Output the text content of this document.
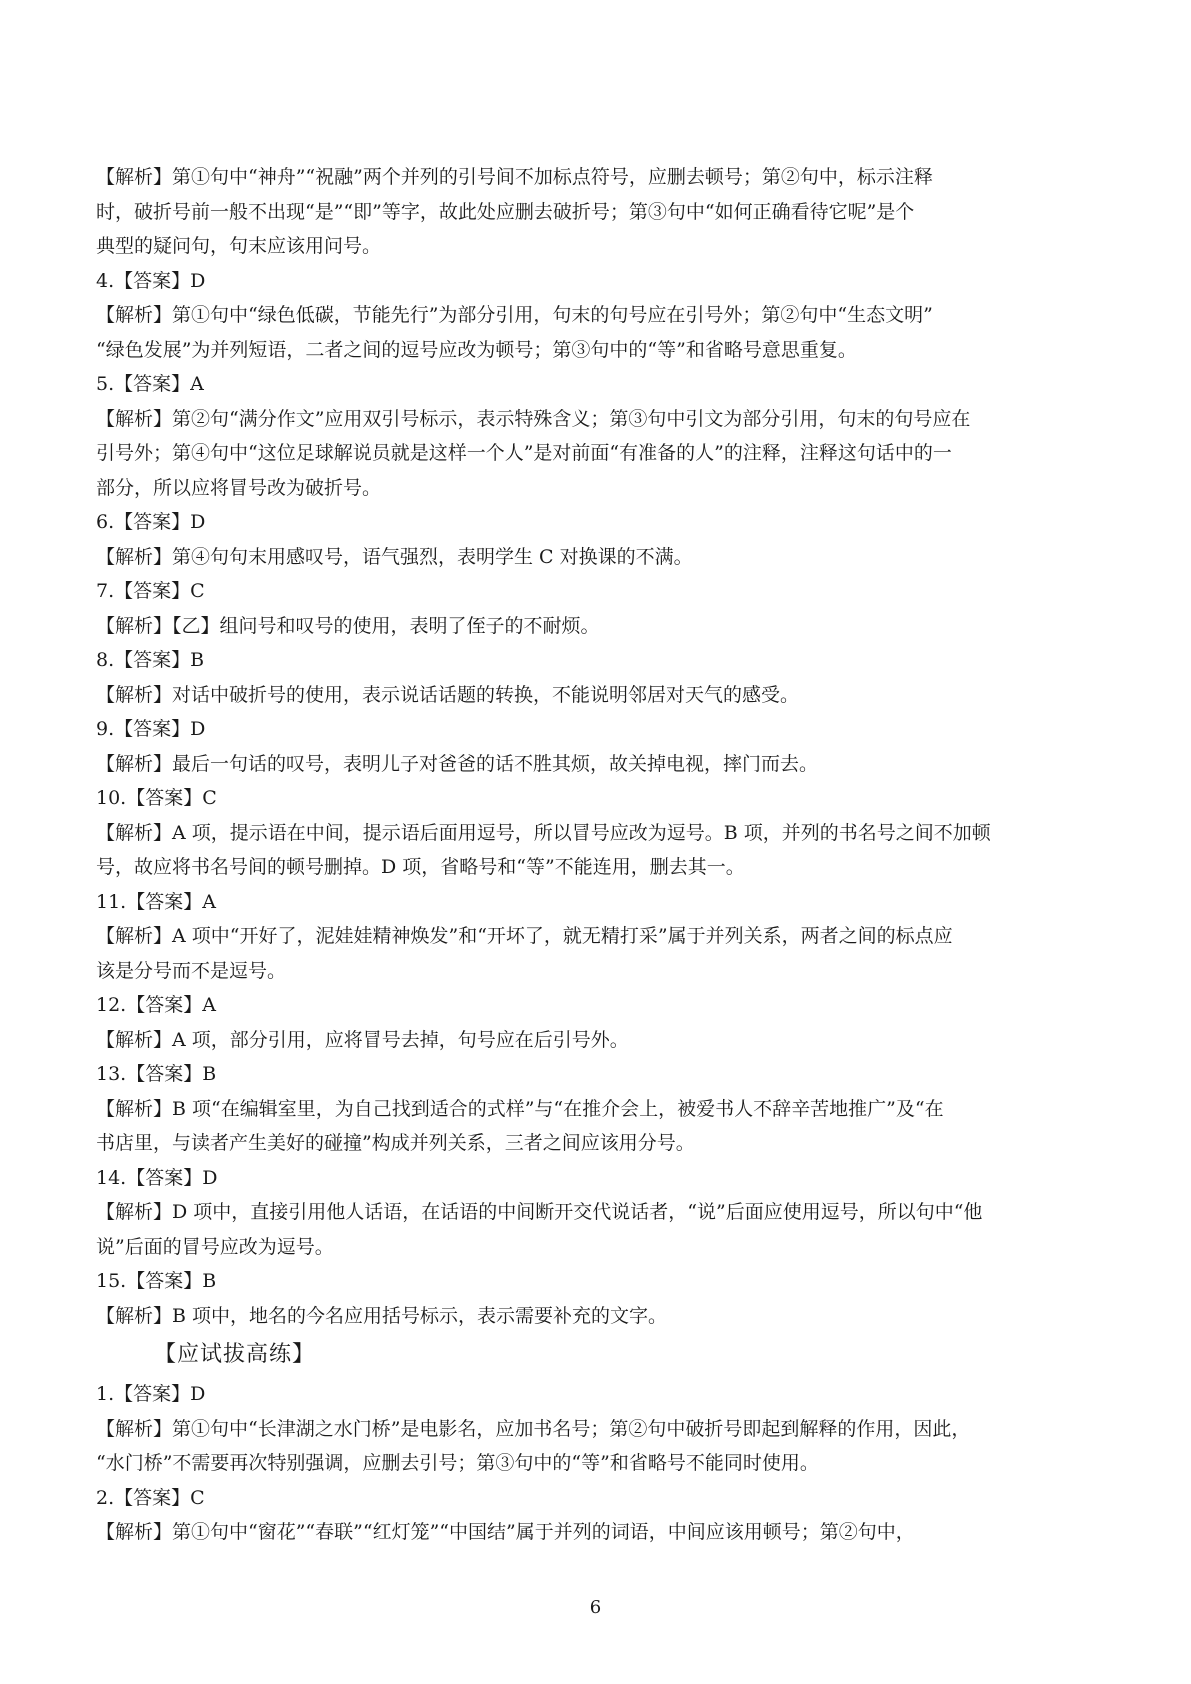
【解析】第①句中“神舟”“祝融”两个并列的引号间不加标点符号，应删去顿号；第②句中，标示注释
时，破折号前一般不出现“是”“即”等字，故此处应删去破折号；第③句中“如何正确看待它呢”是个
典型的疑问句，句末应该用问号。
4.【答案】D
【解析】第①句中“绿色低碳，节能先行”为部分引用，句末的句号应在引号外；第②句中“生态文明”
“绿色发展”为并列短语，二者之间的逗号应改为顿号；第③句中的“等”和省略号意思重复。
5.【答案】A
【解析】第②句“满分作文”应用双引号标示，表示特殊含义；第③句中引文为部分引用，句末的句号应在
引号外；第④句中“这位足球解说员就是这样一个人”是对前面“有准备的人”的注释，注释这句话中的一
部分，所以应将冒号改为破折号。
6.【答案】D
【解析】第④句句末用感叹号，语气强烈，表明学生 C 对换课的不满。
7.【答案】C
【解析】【乙】组问号和叹号的使用，表明了侄子的不耐烦。
8.【答案】B
【解析】对话中破折号的使用，表示说话话题的转换，不能说明邻居对天气的感受。
9.【答案】D
【解析】最后一句话的叹号，表明儿子对爸爸的话不胜其烦，故关掉电视，摔门而去。
10.【答案】C
【解析】A 项，提示语在中间，提示语后面用逗号，所以冒号应改为逗号。B 项，并列的书名号之间不加顿
号，故应将书名号间的顿号删掉。D 项，省略号和“等”不能连用，删去其一。
11.【答案】A
【解析】A 项中“开好了，泥娃娃精神焕发”和“开坏了，就无精打采”属于并列关系，两者之间的标点应
该是分号而不是逗号。
12.【答案】A
【解析】A 项，部分引用，应将冒号去掉，句号应在后引号外。
13.【答案】B
【解析】B 项“在编辑室里，为自己找到适合的式样”与“在推介会上，被爱书人不辞辛苦地推广”及“在
书店里，与读者产生美好的碰撞”构成并列关系，三者之间应该用分号。
14.【答案】D
【解析】D 项中，直接引用他人话语，在话语的中间断开交代说话者，“说”后面应使用逗号，所以句中“他
说”后面的冒号应改为逗号。
15.【答案】B
【解析】B 项中，地名的今名应用括号标示，表示需要补充的文字。
【应试拔高练】
1.【答案】D
【解析】第①句中“长津湖之水门桥”是电影名，应加书名号；第②句中破折号即起到解释的作用，因此，
“水门桥”不需要再次特别强调，应删去引号；第③句中的“等”和省略号不能同时使用。
2.【答案】C
【解析】第①句中“窗花”“春联”“红灯笼”“中国结”属于并列的词语，中间应该用顿号；第②句中，
6
